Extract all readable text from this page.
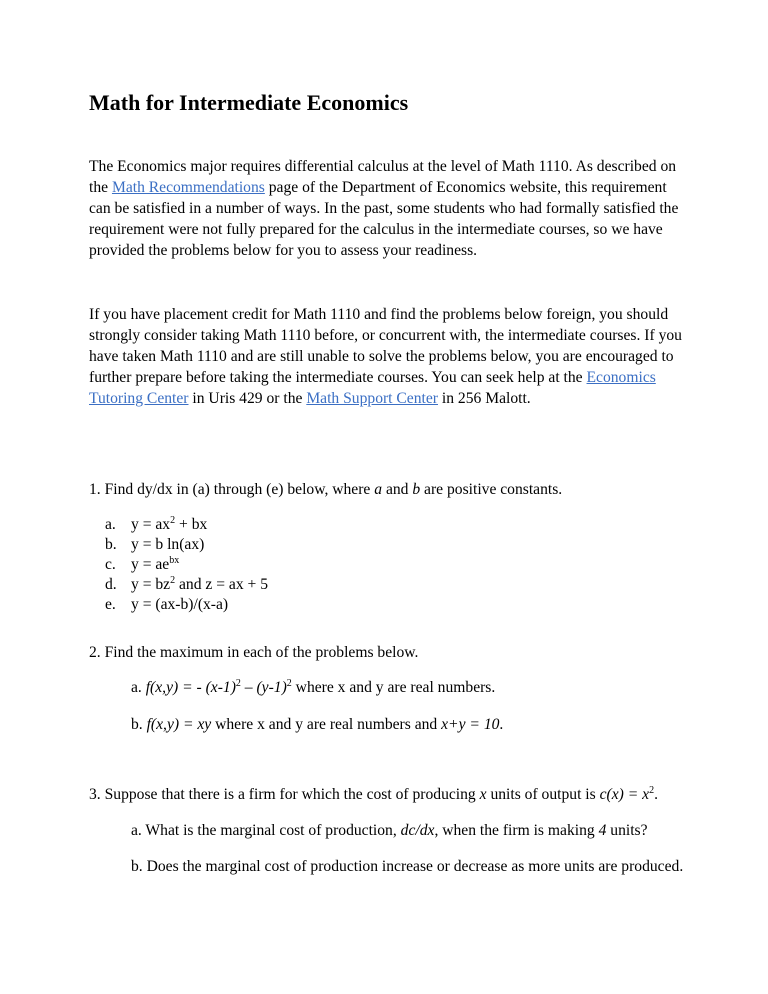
Math for Intermediate Economics

The Economics major requires differential calculus at the level of Math 1110. As described on the Math Recommendations page of the Department of Economics website, this requirement can be satisfied in a number of ways. In the past, some students who had formally satisfied the requirement were not fully prepared for the calculus in the intermediate courses, so we have provided the problems below for you to assess your readiness.

If you have placement credit for Math 1110 and find the problems below foreign, you should strongly consider taking Math 1110 before, or concurrent with, the intermediate courses. If you have taken Math 1110 and are still unable to solve the problems below, you are encouraged to further prepare before taking the intermediate courses. You can seek help at the Economics Tutoring Center in Uris 429 or the Math Support Center in 256 Malott.

1. Find dy/dx in (a) through (e) below, where a and b are positive constants.

a. $y = ax^2$ + bx
b. y = b ln(ax)
c. $y = ae^{bx}$
d. $y = bz^2$ and z = ax + 5
e. y = (ax-b)/(x-a)

2. Find the maximum in each of the problems below.

a. f(x,y) = - $(x-1)^2 - (y-1)^2$ where x and y are real numbers.

b. f(x,y) = xy where x and y are real numbers and x+y = 10.

3. Suppose that there is a firm for which the cost of producing x units of output is $c(x) = x^2$.

a. What is the marginal cost of production, dc/dx, when the firm is making 4 units?

b. Does the marginal cost of production increase or decrease as more units are produced.
